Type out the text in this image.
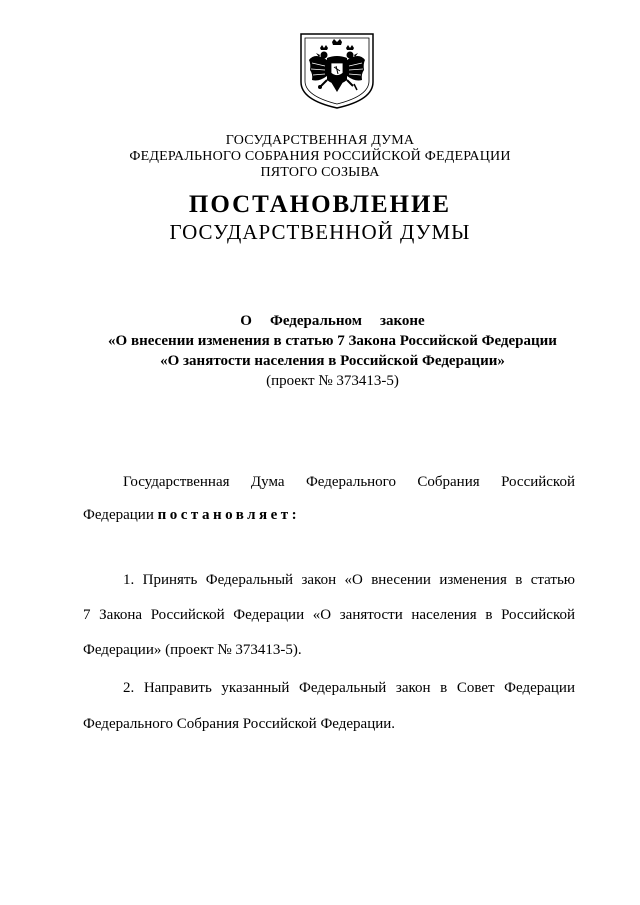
ГОСУДАРСТВЕННАЯ ДУМА
ФЕДЕРАЛЬНОГО СОБРАНИЯ РОССИЙСКОЙ ФЕДЕРАЦИИ
ПЯТОГО СОЗЫВА
ПОСТАНОВЛЕНИЕ
ГОСУДАРСТВЕННОЙ ДУМЫ
О Федеральном законе
«О внесении изменения в статью 7 Закона Российской Федерации
«О занятости населения в Российской Федерации»
(проект № 373413-5)
Государственная Дума Федерального Собрания Российской
Федерации постановляет:
1. Принять Федеральный закон «О внесении изменения в статью
7 Закона Российской Федерации «О занятости населения в Российской
Федерации» (проект № 373413-5).
2. Направить указанный Федеральный закон в Совет Федерации
Федерального Собрания Российской Федерации.
